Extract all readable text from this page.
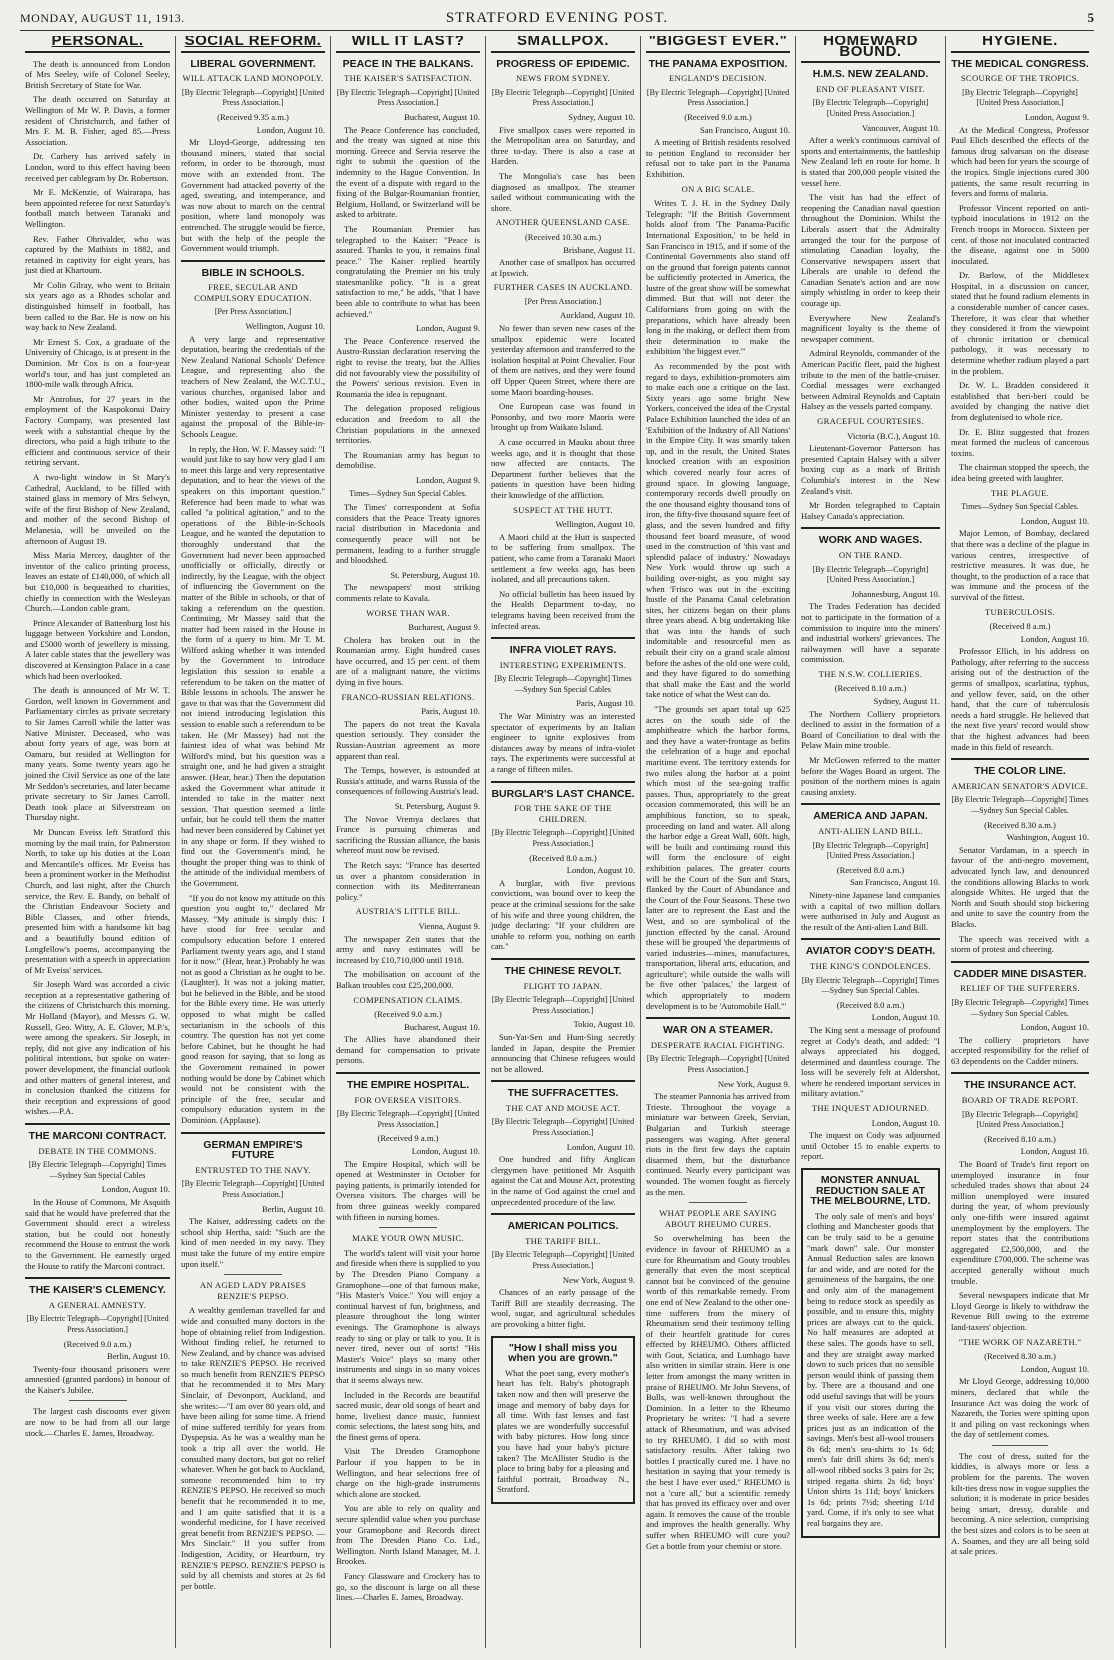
MONDAY, AUGUST 11, 1913.	STRATFORD EVENING POST.	5
PERSONAL.

The death is announced from London of Mrs Seeley, wife of Colonel Seeley, British Secretary of State for War.

The death occurred on Saturday at Wellington of Mr W. P. Davis, a former resident of Christchurch, and father of Mrs F. M. B. Fisher, aged 85.—Press Association.

Dr. Carbery has arrived safely in London, word to this effect having been received per cablegram by Dr. Robertson.

Mr E. McKenzie, of Wairarapa, has been appointed referee for next Saturday's football match between Taranaki and Wellington.

Rev. Father Ohrivalder, who was captured by the Mathists in 1882, and retained in captivity for eight years, has just died at Khartoum.

Mr Colin Gilray, who went to Britain six years ago as a Rhodes scholar and distinguished himself in football, has been called to the Bar. He is now on his way back to New Zealand.

Mr Ernest S. Cox, a graduate of the University of Chicago, is at present in the Dominion. Mr Cox is on a four-year world's tour, and has just completed an 1800-mile walk through Africa.

Mr Antrobus, for 27 years in the employment of the Kaspokonui Dairy Factory Company, was presented last week with a substantial cheque by the directors, who paid a high tribute to the efficient and continuous service of their retiring servant.

A two-light window in St Mary's Cathedral, Auckland, to be filled with stained glass in memory of Mrs Selwyn, wife of the first Bishop of New Zealand, and mother of the second Bishop of Melanesia, will be unveiled on the afternoon of August 19.

Miss Maria Mercey, daughter of the inventor of the calico printing process, leaves an estate of £140,000, of which all but £10,000 is bequeathed to charities, chiefly in connection with the Wesleyan Church.—London cable gram.

Prince Alexander of Battenburg lost his luggage between Yorkshire and London, and £5000 worth of jewellery is missing. A later cable states that the jewellery was discovered at Kensington Palace in a case which had been overlooked.

The death is announced of Mr W. T. Gordon, well known in Government and Parliamentary circles as private secretary to Sir James Carroll while the latter was Native Minister. Deceased, who was about forty years of age, was born at Oamaru, but resided at Wellington for many years. Some twenty years ago he joined the Civil Service as one of the late Mr Seddon's secretaries, and later became private secretary to Sir James Carroll. Death took place at Silverstream on Thursday night.

Mr Duncan Eveiss left Stratford this morning by the mail train, for Palmerston North, to take up his duties at the Loan and Mercantile's offices. Mr Eveiss has been a prominent worker in the Methodist Church, and last night, after the Church service, the Rev. E. Bandy, on behalf of the Christian Endeavour Society and Bible Classes, and other friends, presented him with a handsome kit bag and a beautifully bound edition of Longfellow's poems, accompanying the presentation with a speech in appreciation of Mr Eveiss' services.

Sir Joseph Ward was accorded a civic reception at a representative gathering of the citizens of Christchurch this morning. Mr Holland (Mayor), and Messrs G. W. Russell, Geo. Witty, A. E. Glover, M.P.'s, were among the speakers. Sir Joseph, in reply, did not give any indication of his political intentions, but spoke on water-power development, the financial outlook and other matters of general interest, and in conclusion thanked the citizens for their reception and expressions of good wishes.—P.A.

THE MARCONI CONTRACT.
DEBATE IN THE COMMONS.
[By Electric Telegraph—Copyright] Times—Sydney Sun Special Cables
London, August 10.

In the House of Commons, Mr Asquith said that he would have preferred that the Government should erect a wireless station, but he could not honestly recommend the House to entrust the work to the Government. He earnestly urged the House to ratify the Marconi contract.

THE KAISER'S CLEMENCY.
A GENERAL AMNESTY.
[By Electric Telegraph—Copyright] [United Press Association.]
(Received 9.0 a.m.)
Berlin, August 10.

Twenty-four thousand prisoners were amnestied (granted pardons) in honour of the Kaiser's Jubilee.

The largest cash discounts ever given are now to be had from all our large stock.—Charles E. James, Broadway.

SOCIAL REFORM.
LIBERAL GOVERNMENT.
WILL ATTACK LAND MONOPOLY.
[By Electric Telegraph—Copyright] [United Press Association.]
(Received 9.35 a.m.)
London, August 10.

Mr Lloyd-George, addressing ten thousand miners, stated that social reform, in order to be thorough, must move with an extended front. The Government had attacked poverty of the aged, sweating, and intemperance, and was now about to march on the central position, where land monopoly was entrenched. The struggle would be fierce, but with the help of the people the Government would triumph.

BIBLE IN SCHOOLS.
FREE, SECULAR AND COMPULSORY EDUCATION.
[Per Press Association.]
Wellington, August 10.

A very large and representative deputation, bearing the credentials of the New Zealand National Schools' Defence League, and representing also the teachers of New Zealand, the W.C.T.U., various churches, organised labor and other bodies, waited upon the Prime Minister yesterday to present a case against the proposal of the Bible-in-Schools League.

In reply, the Hon. W. F. Massey said: "I would just like to say how very glad I am to meet this large and very representative deputation, and to hear the views of the speakers on this important question." Reference had been made to what was called "a political agitation," and to the operations of the Bible-in-Schools League, and he wanted the deputation to thoroughly understand that the Government had never been approached unofficially or officially, directly or indirectly, by the League, with the object of influencing the Government on the matter of the Bible in schools, or that of taking a referendum on the question. Continuing, Mr Massey said that the matter had been raised in the House in the form of a query to him. Mr T. M. Wilford asking whether it was intended by the Government to introduce legislation this session to enable a referendum to be taken on the matter of Bible lessons in schools. The answer he gave to that was that the Government did not intend introducing legislation this session to enable such a referendum to be taken. He (Mr Massey) had not the faintest idea of what was behind Mr Wilford's mind, but his question was a straight one, and he had given a straight answer. (Hear, hear.) Then the deputation asked the Government what attitude it intended to take in the matter next session. That question seemed a little unfair, but he could tell them the matter had never been considered by Cabinet yet in any shape or form. If they wished to find out the Government's mind, he thought the proper thing was to think of the attitude of the individual members of the Government.

"If you do not know my attitude on this question you ought to," declared Mr Massey. "My attitude is simply this: I have stood for free secular and compulsory education before I entered Parliament twenty years ago, and I stand for it now." (Hear, hear.) Probably he was not as good a Christian as he ought to be. (Laughter). It was not a joking matter, but he believed in the Bible, and he stood for the Bible every time. He was utterly opposed to what might be called sectarianism in the schools of this country. The question has not yet come before Cabinet, but he thought he had good reason for saying, that so long as the Government remained in power nothing would be done by Cabinet which would not be consistent with the principle of the free, secular and compulsory education system in the Dominion. (Applause).

GERMAN EMPIRE'S FUTURE
ENTRUSTED TO THE NAVY.
[By Electric Telegraph—Copyright] [United Press Association.]
Berlin, August 10.

The Kaiser, addressing cadets on the school ship Hertha, said: "Such are the kind of men needed in my navy. They must take the future of my entire empire upon itself."

AN AGED LADY PRAISES RENZIE'S PEPSO.

A wealthy gentleman travelled far and wide and consulted many doctors in the hope of obtaining relief from Indigestion. Without finding relief, he returned to New Zealand, and by chance was advised to take RENZIE'S PEPSO. He received so much benefit from RENZIE'S PEPSO that he recommended it to Mrs Mary Sinclair, of Devonport, Auckland, and she writes:—"I am over 80 years old, and have been ailing for some time. A friend of mine suffered terribly for years from Dyspepsia. As he was a wealthy man he took a trip all over the world. He consulted many doctors, but got no relief whatever. When he got back to Auckland, someone recommended him to try RENZIE'S PEPSO. He received so much benefit that he recommended it to me, and I am quite satisfied that it is a wonderful medicine, for I have received great benefit from RENZIE'S PEPSO. —Mrs Sinclair." If you suffer from Indigestion, Acidity, or Heartburn, try RENZIE'S PEPSO. RENZIE'S PEPSO is sold by all chemists and stores at 2s 6d per bottle.

WILL IT LAST?
PEACE IN THE BALKANS.
THE KAISER'S SATISFACTION.
[By Electric Telegraph—Copyright] [United Press Association.]
Bucharest, August 10.

The Peace Conference has concluded, and the treaty was signed at nine this morning. Greece and Servia reserve the right to submit the question of the indemnity to the Hague Convention. In the event of a dispute with regard to the fixing of the Bulgar-Roumanian frontier, Belgium, Holland, or Switzerland will be asked to arbitrate.

The Roumanian Premier has telegraphed to the Kaiser: "Peace is assured. Thanks to you, it remains final peace." The Kaiser replied heartily congratulating the Premier on his truly statesmanlike policy. "It is a great satisfaction to me," he adds, "that I have been able to contribute to what has been achieved."

London, August 9.

The Peace Conference reserved the Austro-Russian declaration reserving the right to revise the treaty, but the Allies did not favourably view the possibility of the Powers' serious revision. Even in Roumania the idea is repugnant.

The delegation proposed religious education and freedom to all the Christian populations in the annexed territories.

The Roumanian army has begun to demobilise.

London, August 9.
Times—Sydney Sun Special Cables.

The Times' correspondent at Sofia considers that the Peace Treaty ignores racial distribution in Macedonia and consequently peace will not be permanent, leading to a further struggle and bloodshed.

St. Petersburg, August 10.

The newspapers' most striking comments relate to Kavala.

WORSE THAN WAR.
Bucharest, August 9.

Cholera has broken out in the Roumanian army. Eight hundred cases have occurred, and 15 per cent. of them are of a malignant nature, the victims dying in five hours.

FRANCO-RUSSIAN RELATIONS.
Paris, August 10.

The papers do not treat the Kavala question seriously. They consider the Russian-Austrian agreement as more apparent than real.

The Temps, however, is astounded at Russia's attitude, and warns Russia of the consequences of following Austria's lead.

St. Petersburg, August 9.

The Novoe Vremya declares that France is pursuing chimeras and sacrificing the Russian alliance, the basis whereof must now be revised.

The Retch says: "France has deserted us over a phantom consideration in connection with its Mediterranean policy."

AUSTRIA'S LITTLE BILL.
Vienna, August 9.

The newspaper Zeit states that the army and navy estimates will be increased by £10,710,000 until 1918.

The mobilisation on account of the Balkan troubles cost £25,200,000.

COMPENSATION CLAIMS.
(Received 9.0 a.m.)
Bucharest, August 10.

The Allies have abandoned their demand for compensation to private persons.

THE EMPIRE HOSPITAL.
FOR OVERSEA VISITORS.
[By Electric Telegraph—Copyright] [United Press Association.]
(Received 9 a.m.)
London, August 10.

The Empire Hospital, which will be opened at Westminster in October for paying patients, is primarily intended for Oversea visitors. The charges will be from three guineas weekly compared with fifteen in nursing homes.

MAKE YOUR OWN MUSIC.

The world's talent will visit your home and fireside when there is supplied to you by The Dresden Piano Company a Gramophone—one of that famous make, "His Master's Voice." You will enjoy a continual harvest of fun, brightness, and pleasure throughout the long winter evenings. The Gramophone is always ready to sing or play or talk to you. It is never tired, never out of sorts! "His Master's Voice" plays so many other instruments and sings in so many voices that it seems always new.

Included in the Records are beautiful sacred music, dear old songs of heart and home, liveliest dance music, funniest comic selections, the latest song hits, and the finest gems of opera.

Visit The Dresden Gramophone Parlour if you happen to be in Wellington, and hear selections free of charge on the high-grade instruments which alone are stocked.

You are able to rely on quality and secure splendid value when you purchase your Gramophone and Records direct from The Dresden Piano Co. Ltd., Wellington. North Island Manager, M. J. Brookes.

Fancy Glassware and Crockery has to go, so the discount is large on all these lines.—Charles E. James, Broadway.

SMALLPOX.
PROGRESS OF EPIDEMIC.
NEWS FROM SYDNEY.
[By Electric Telegraph—Copyright] [United Press Association.]
Sydney, August 10.

Five smallpox cases were reported in the Metropolitan area on Saturday, and three to-day. There is also a case at Harden.

The Mongolia's case has been diagnosed as smallpox. The steamer sailed without communicating with the shore.

ANOTHER QUEENSLAND CASE.
(Received 10.30 a.m.)
Brisbane, August 11.

Another case of smallpox has occurred at Ipswich.

FURTHER CASES IN AUCKLAND.
[Per Press Association.]
Auckland, August 10.

No fewer than seven new cases of the smallpox epidemic were located yesterday afternoon and transferred to the isolation hospital at Point Chevalier. Four of them are natives, and they were found off Upper Queen Street, where there are some Maori boarding-houses.

One European case was found in Ponsonby, and two more Maoris were brought up from Waikato Island.

A case occurred in Mauku about three weeks ago, and it is thought that those now affected are contacts. The Department further believes that the patients in question have been hiding their knowledge of the affliction.

SUSPECT AT THE HUTT.
Wellington, August 10.

A Maori child at the Hutt is suspected to be suffering from smallpox. The patient, who came from a Taranaki Maori settlement a few weeks ago, has been isolated, and all precautions taken.

No official bulletin has been issued by the Health Department to-day, no telegrams having been received from the infected areas.

INFRA VIOLET RAYS.
INTERESTING EXPERIMENTS.
[By Electric Telegraph—Copyright] Times—Sydney Sun Special Cables
Paris, August 10.

The War Ministry was an interested spectator of experiments by an Italian engineer to ignite explosives from distances away by means of infra-violet rays. The experiments were successful at a range of fifteen miles.

BURGLAR'S LAST CHANCE.
FOR THE SAKE OF THE CHILDREN.
[By Electric Telegraph—Copyright] [United Press Association.]
(Received 8.0 a.m.)
London, August 10.

A burglar, with five previous convictions, was bound over to keep the peace at the criminal sessions for the sake of his wife and three young children, the judge declaring: "If your children are unable to reform you, nothing on earth can."

THE CHINESE REVOLT.
FLIGHT TO JAPAN.
[By Electric Telegraph—Copyright] [United Press Association.]
Tokio, August 10.

Sun-Yat-Sen and Hunt-Sing secretly landed in Japan, despite the Premier announcing that Chinese refugees would not be allowed.

THE SUFFRACETTES.
THE CAT AND MOUSE ACT.
[By Electric Telegraph—Copyright] [United Press Association.]
London, August 10.

One hundred and fifty Anglican clergymen have petitioned Mr Asquith against the Cat and Mouse Act, protesting in the name of God against the cruel and unprecedented procedure of the law.

AMERICAN POLITICS.
THE TARIFF BILL.
[By Electric Telegraph—Copyright] [United Press Association.]
New York, August 9.

Chances of an early passage of the Tariff Bill are steadily decreasing. The wool, sugar, and agricultural schedules are provoking a bitter fight.

"How I shall miss you when you are grown."

What the poet sang, every mother's heart has felt. Baby's photograph taken now and then will preserve the image and memory of baby days for all time. With fast lenses and fast plates we are wonderfully successful with baby pictures. How long since you have had your baby's picture taken? The McAllister Studio is the place to bring baby for a pleasing and faithful portrait, Broadway N., Stratford.

"BIGGEST EVER."
THE PANAMA EXPOSITION.
ENGLAND'S DECISION.
[By Electric Telegraph—Copyright] [United Press Association.]
(Received 9.0 a.m.)
San Francisco, August 10.

A meeting of British residents resolved to petition England to reconsider her refusal not to take part in the Panama Exhibition.

ON A BIG SCALE.

Writes T. J. H. in the Sydney Daily Telegraph: "If the British Government holds aloof from 'The Panama-Pacific International Exposition,' to be held in San Francisco in 1915, and if some of the Continental Governments also stand off on the ground that foreign patents cannot be sufficiently protected in America, the lustre of the great show will be somewhat dimmed. But that will not deter the Californians from going on with the preparations, which have already been long in the making, or deflect them from their determination to make the exhibition 'the biggest ever.'"

As recommended by the post with regard to days, exhibition-promoters aim to make each one a critique on the last. Sixty years ago some bright New Yorkers, conceived the idea of the Crystal Palace Exhibition launched the idea of an 'Exhibition of the Industry of All Nations' in the Empire City. It was smartly taken up, and in the result, the United States knocked creation with an exposition which covered nearly four acres of ground space. In glowing language, contemporary records dwell proudly on the one thousand eighty thousand tons of iron, the fifty-five thousand square feet of glass, and the seven hundred and fifty thousand feet board measure, of wood used in the construction of 'this vast and splendid palace of industry.' Nowadays New York would throw up such a building over-night, as you might say when 'Frisco was out in the exciting hustle of the Panama Canal celebration sites, her citizens began on their plans three years ahead. A big undertaking like that was into the hands of such indomitable and resourceful men as rebuilt their city on a grand scale almost before the ashes of the old one were cold, and they have figured to do something that shall make the East and the world take notice of what the West can do.

"The grounds set apart total up 625 acres on the south side of the amphitheatre which the harbor forms, and they have a water-frontage as befits the celebration of a huge and epochal maritime event. The territory extends for two miles along the harbor at a point which most of the sea-going traffic passes. Thus, appropriately to the great occasion commemorated, this will be an amphibious function, so to speak, proceeding on land and water. All along the harbor edge a Great Wall, 60ft. high, will be built and continuing round this will form the enclosure of eight exhibition palaces. The greater courts will be the Court of the Sun and Stars, flanked by the Court of Abundance and the Court of the Four Seasons. These two latter are to represent the East and the West, and so are symbolical of the junction effected by the canal. Around these will be grouped 'the departments of varied industries—mines, manufactures, transportation, liberal arts, education, and agriculture'; while outside the walls will be five other 'palaces,' the largest of which appropriately to modern development is to be 'Automobile Hall.'"

WAR ON A STEAMER.
DESPERATE RACIAL FIGHTING.
[By Electric Telegraph—Copyright] [United Press Association.]
New York, August 9.

The steamer Pannonia has arrived from Trieste. Throughout the voyage a miniature war between Greek, Servian, Bulgarian and Turkish steerage passengers was waging. After general riots in the first few days the captain disarmed them, but the disturbance continued. Nearly every participant was wounded. The women fought as fiercely as the men.

WHAT PEOPLE ARE SAYING ABOUT RHEUMO CURES.

So overwhelming has been the evidence in favour of RHEUMO as a cure for Rheumatism and Gouty troubles generally that even the most sceptical cannot but be convinced of the genuine worth of this remarkable remedy. From one end of New Zealand to the other one-time sufferers from the misery of Rheumatism send their testimony telling of their heartfelt gratitude for cures effected by RHEUMO. Others afflicted with Gout, Sciatica, and Lumbago have also written in similar strain. Here is one letter from amongst the many written in praise of RHEUMO. Mr John Stevens, of Bulls, was well-known throughout the Dominion. In a letter to the Rheumo Proprietary he writes: "I had a severe attack of Rheumatism, and was advised to try RHEUMO. I did so with most satisfactory results. After taking two bottles I practically cured me. I have no hesitation in saying that your remedy is the best I have ever used." RHEUMO is not a 'cure all,' but a scientific remedy that has proved its efficacy over and over again. It removes the cause of the trouble and improves the health generally. Why suffer when RHEUMO will cure you? Get a bottle from your chemist or store.

HOMEWARD BOUND.
H.M.S. NEW ZEALAND.
END OF PLEASANT VISIT.
[By Electric Telegraph—Copyright] [United Press Association.]
Vancouver, August 10.

After a week's continuous carnival of sports and entertainments, the battleship New Zealand left en route for home. It is stated that 200,000 people visited the vessel here.

The visit has had the effect of reopening the Canadian naval question throughout the Dominion. Whilst the Liberals assert that the Admiralty arranged the tour for the purpose of stimulating Canadian loyalty, the Conservative newspapers assert that Liberals are unable to defend the Canadian Senate's action and are now simply whistling in order to keep their courage up.

Everywhere New Zealand's magnificent loyalty is the theme of newspaper comment.

Admiral Reynolds, commander of the American Pacific fleet, paid the highest tribute to the men of the battle-cruiser. Cordial messages were exchanged between Admiral Reynolds and Captain Halsey as the vessels parted company.

GRACEFUL COURTESIES.
Victoria (B.C.), August 10.

Lieutenant-Governor Patterson has presented Captain Halsey with a silver boxing cup as a mark of British Columbia's interest in the New Zealand's visit.

Mr Borden telegraphed to Captain Halsey Canada's appreciation.

WORK AND WAGES.
ON THE RAND.
[By Electric Telegraph—Copyright] [United Press Association.]
Johannesburg, August 10.

The Trades Federation has decided not to participate in the formation of a commission to inquire into the miners' and industrial workers' grievances. The railwaymen will have a separate commission.

THE N.S.W. COLLIERIES.
(Received 8.10 a.m.)
Sydney, August 11.

The Northern Colliery proprietors declined to assist in the formation of a Board of Conciliation to deal with the Pelaw Main mine trouble.

Mr McGowen referred to the matter before the Wages Board as urgent. The position of the northern mines is again causing anxiety.

AMERICA AND JAPAN.
ANTI-ALIEN LAND BILL.
[By Electric Telegraph—Copyright] [United Press Association.]
(Received 8.0 a.m.)
San Francisco, August 10.

Ninety-nine Japanese land companies with a capital of two million dollars were authorised in July and August as the result of the Anti-alien Land Bill.

AVIATOR CODY'S DEATH.
THE KING'S CONDOLENCES.
[By Electric Telegraph—Copyright] Times—Sydney Sun Special Cables.
(Received 8.0 a.m.)
London, August 10.

The King sent a message of profound regret at Cody's death, and added: "I always appreciated his dogged, determined and dauntless courage. The loss will be severely felt at Aldershot, where he rendered important services in military aviation."

THE INQUEST ADJOURNED.
London, August 10.

The inquest on Cody was adjourned until October 15 to enable experts to report.

MONSTER ANNUAL REDUCTION SALE AT THE MELBOURNE, LTD.

The only sale of men's and boys' clothing and Manchester goods that can be truly said to be a genuine "mark down" sale. Our monster Annual Reduction sales are known far and wide, and are noted for the genuineness of the bargains, the one and only aim of the management being to reduce stock as speedily as possible, and to ensure this, mighty prices are always cut to the quick. No half measures are adopted at these sales. The goods have to sell, and they are straight away marked down to such prices that no sensible person would think of passing them by. There are a thousand and one odd useful savings that will be yours if you visit our stores during the three weeks of sale. Here are a few prices just as an indication of the savings. Men's best all-wool trousers 8s 6d; men's sea-shirts to 1s 6d; men's fair drill shirts 3s 6d; men's all-wool ribbed socks 3 pairs for 2s; striped regatta shirts 2s 6d; boys' Union shirts 1s 11d; boys' knickers 1s 6d; prints 7½d; sheeting 1/1d yard. Come, if it's only to see what real bargains they are.

HYGIENE.
THE MEDICAL CONGRESS.
SCOURGE OF THE TROPICS.
[By Electric Telegraph—Copyright] [United Press Association.]
London, August 9.

At the Medical Congress, Professor Paul Elich described the effects of the famous drug salvarsan on the disease which had been for years the scourge of the tropics. Single injections cured 300 patients, the same result recurring in fevers and forms of malaria.

Professor Vincent reported on anti-typhoid inoculations in 1912 on the French troops in Morocco. Sixteen per cent. of those not inoculated contracted the disease, against one in 5000 inoculated.

Dr. Barlow, of the Middlesex Hospital, in a discussion on cancer, stated that he found radium elements in a considerable number of cancer cases. Therefore, it was clear that whether they considered it from the viewpoint of chronic irritation or chemical pathology, it was necessary to determine whether radium played a part in the problem.

Dr. W. L. Bradden considered it established that beri-beri could be avoided by changing the native diet from deglutenised to whole rice.

Dr. E. Blitz suggested that frozen meat formed the nucleus of cancerous toxins.

The chairman stopped the speech, the idea being greeted with laughter.

THE PLAGUE.
Times—Sydney Sun Special Cables.
London, August 10.

Major Lemon, of Bombay, declared that there was a decline of the plague in various centres, irrespective of restrictive measures. It was due, he thought, to the production of a race that was immune and the process of the survival of the fittest.

TUBERCULOSIS.
(Received 8 a.m.)
London, August 10.

Professor Ellich, in his address on Pathology, after referring to the success arising out of the destruction of the germs of smallpox, scarlatina, typhus, and yellow fever, said, on the other hand, that the cure of tuberculosis needs a hard struggle. He believed that the next five years' record would show that the highest advances had been made in this field of research.

THE COLOR LINE.
AMERICAN SENATOR'S ADVICE.
[By Electric Telegraph—Copyright] Times—Sydney Sun Special Cables.
(Received 8.30 a.m.)
Washington, August 10.

Senator Vardaman, in a speech in favour of the anti-negro movement, advocated lynch law, and denounced the conditions allowing Blacks to work alongside Whites. He urged that the North and South should stop bickering and unite to save the country from the Blacks.

The speech was received with a storm of protest and cheering.

CADDER MINE DISASTER.
RELIEF OF THE SUFFERERS.
[By Electric Telegraph—Copyright] Times—Sydney Sun Special Cables.
London, August 10.

The colliery proprietors have accepted responsibility for the relief of 63 dependents on the Cadder miners.

THE INSURANCE ACT.
BOARD OF TRADE REPORT.
[By Electric Telegraph—Copyright] [United Press Association.]
(Received 8.10 a.m.)
London, August 10.

The Board of Trade's first report on unemployed insurance in four scheduled trades shows that about 24 million unemployed were insured during the year, of whom previously only one-fifth were insured against unemployment by the employers. The report states that the contributions aggregated £2,500,000, and the expenditure £700,000. The scheme was accepted generally without much trouble.

Several newspapers indicate that Mr Lloyd George is likely to withdraw the Revenue Bill owing to the extreme land-taxers' objection.

"THE WORK OF NAZARETH."
(Received 8.30 a.m.)
London, August 10.

Mr Lloyd George, addressing 10,000 miners, declared that while the Insurance Act was doing the work of Nazareth, the Tories were spitting upon it and piling on vast reckonings when the day of settlement comes.

The cost of dress, suited for the kiddies, is always more or less a problem for the parents. The woven kilt-ties dress now in vogue supplies the solution; it is moderate in price besides being smart, dressy, durable and becoming. A nice selection, comprising the best sizes and colors is to be seen at A. Soames, and they are all being sold at sale prices.
